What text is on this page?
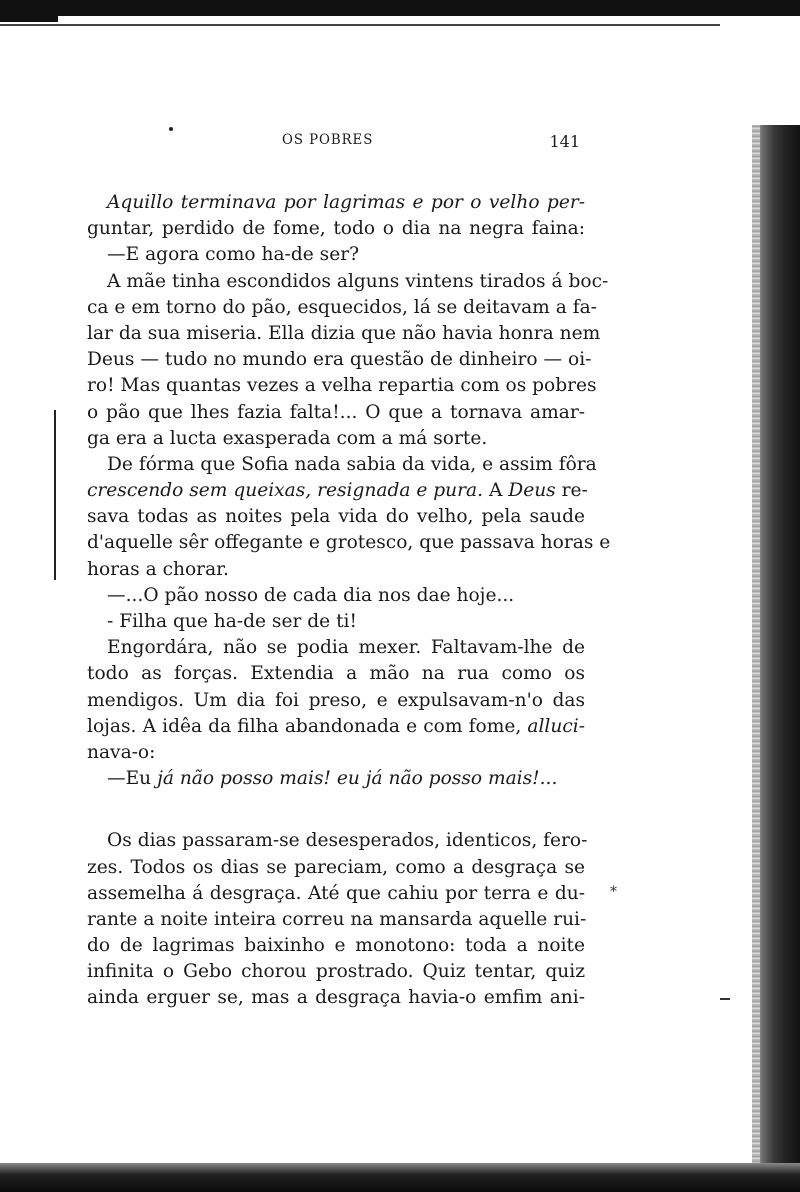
*
OS POBRES	141
Aquillo terminava por lagrimas e por o velho per-
guntar, perdido de fome, todo o dia na negra faina:
—E agora como ha-de ser?
A mãe tinha escondidos alguns vintens tirados á boc-
ca e em torno do pão, esquecidos, lá se deitavam a fa-
lar da sua miseria. Ella dizia que não havia honra nem
Deus — tudo no mundo era questão de dinheiro — oi-
ro! Mas quantas vezes a velha repartia com os pobres
o pão que lhes fazia falta!... O que a tornava amar-
ga era a lucta exasperada com a má sorte.
De fórma que Sofia nada sabia da vida, e assim fôra
crescendo sem queixas, resignada e pura. A Deus re-
sava todas as noites pela vida do velho, pela saude
d'aquelle sêr offegante e grotesco, que passava horas e
horas a chorar.
—...O pão nosso de cada dia nos dae hoje...
- Filha que ha-de ser de ti!
Engordára, não se podia mexer. Faltavam-lhe de
todo as forças. Extendia a mão na rua como os
mendigos. Um dia foi preso, e expulsavam-n'o das
lojas. A idêa da filha abandonada e com fome, alluci-
nava-o:
—Eu já não posso mais! eu já não posso mais!...
Os dias passaram-se desesperados, identicos, fero-
zes. Todos os dias se pareciam, como a desgraça se
assemelha á desgraça. Até que cahiu por terra e du-
rante a noite inteira correu na mansarda aquelle rui-
do de lagrimas baixinho e monotono: toda a noite
infinita o Gebo chorou prostrado. Quiz tentar, quiz
ainda erguer se, mas a desgraça havia-o emfim ani-
